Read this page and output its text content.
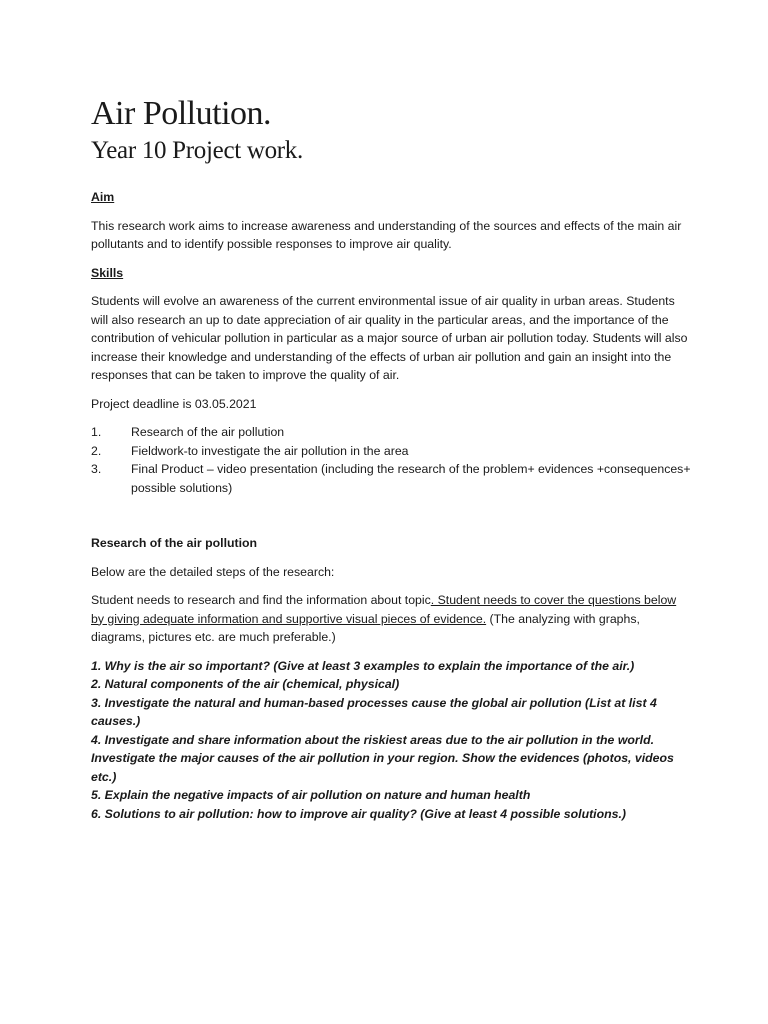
Air Pollution.
Year 10 Project work.

Aim

This research work aims to increase awareness and understanding of the sources and effects of the main air pollutants and to identify possible responses to improve air quality.

Skills

Students will evolve an awareness of the current environmental issue of air quality in urban areas. Students will also research an up to date appreciation of air quality in the particular areas, and the importance of the contribution of vehicular pollution in particular as a major source of urban air pollution today. Students will also increase their knowledge and understanding of the effects of urban air pollution and gain an insight into the responses that can be taken to improve the quality of air.

Project deadline is 03.05.2021

1.	Research of the air pollution
2.	Fieldwork-to investigate the air pollution in the area
3.	Final Product – video presentation (including the research of the problem+ evidences +consequences+ possible solutions)

Research of the air pollution

Below are the detailed steps of the research:

Student needs to research and find the information about topic. Student needs to cover the questions below by giving adequate information and supportive visual pieces of evidence. (The analyzing with graphs, diagrams, pictures etc. are much preferable.)

1. Why is the air so important? (Give at least 3 examples to explain the importance of the air.)

2. Natural components of the air (chemical, physical)

3. Investigate the natural and human-based processes cause the global air pollution (List at list 4 causes.)

4. Investigate and share information about the riskiest areas due to the air pollution in the world. Investigate the major causes of the air pollution in your region. Show the evidences (photos, videos etc.)

5. Explain the negative impacts of air pollution on nature and human health

6. Solutions to air pollution: how to improve air quality? (Give at least 4 possible solutions.)
